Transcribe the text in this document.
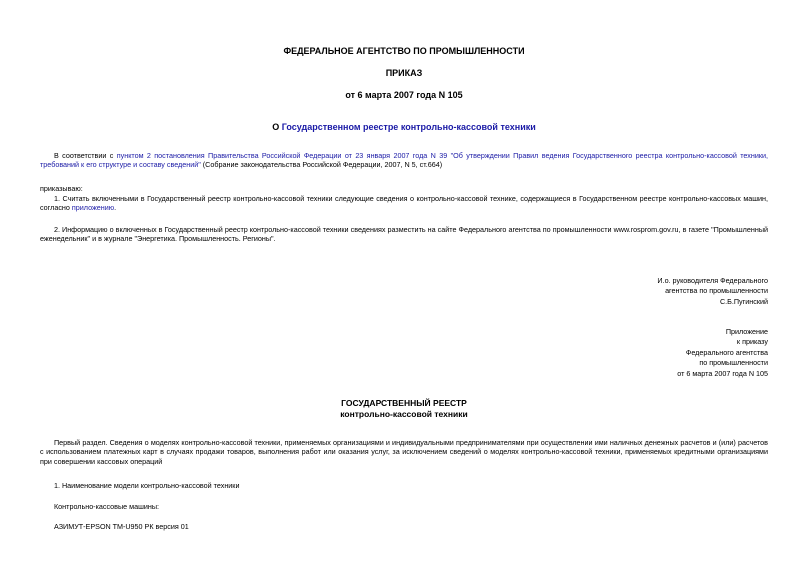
ФЕДЕРАЛЬНОЕ АГЕНТСТВО ПО ПРОМЫШЛЕННОСТИ
ПРИКАЗ
от 6 марта 2007 года N 105
О Государственном реестре контрольно-кассовой техники
В соответствии с пунктом 2 постановления Правительства Российской Федерации от 23 января 2007 года N 39 "Об утверждении Правил ведения Государственного реестра контрольно-кассовой техники, требований к его структуре и составу сведений" (Собрание законодательства Российской Федерации, 2007, N 5, ст.664)
приказываю:
1. Считать включенными в Государственный реестр контрольно-кассовой техники следующие сведения о контрольно-кассовой технике, содержащиеся в Государственном реестре контрольно-кассовых машин, согласно приложению.
2. Информацию о включенных в Государственный реестр контрольно-кассовой техники сведениях разместить на сайте Федерального агентства по промышленности www.rosprom.gov.ru, в газете "Промышленный еженедельник" и в журнале "Энергетика. Промышленность. Регионы".
И.о. руководителя Федерального
агентства по промышленности
С.Б.Пугинский
Приложение
к приказу
Федерального агентства
по промышленности
от 6 марта 2007 года N 105
ГОСУДАРСТВЕННЫЙ РЕЕСТР
контрольно-кассовой техники
Первый раздел. Сведения о моделях контрольно-кассовой техники, применяемых организациями и индивидуальными предпринимателями при осуществлении ими наличных денежных расчетов и (или) расчетов с использованием платежных карт в случаях продажи товаров, выполнения работ или оказания услуг, за исключением сведений о моделях контрольно-кассовой техники, применяемых кредитными организациями при совершении кассовых операций
1. Наименование модели контрольно-кассовой техники
Контрольно-кассовые машины:
АЗИМУТ-EPSON TM-U950 РК версия 01
